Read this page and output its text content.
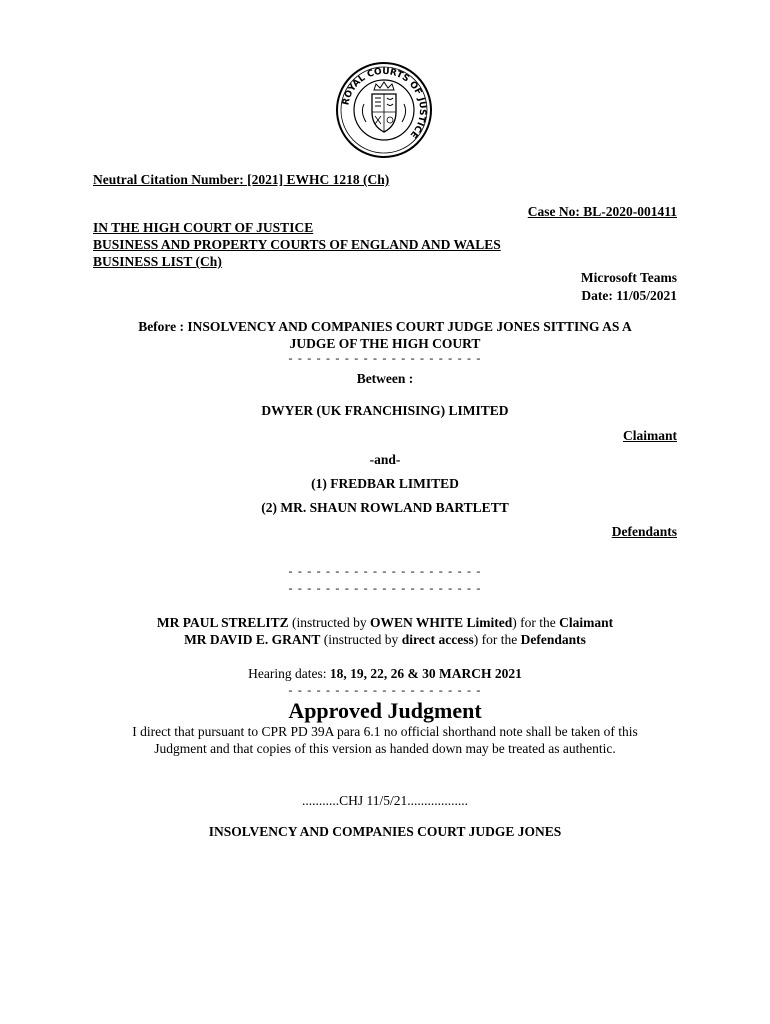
ROYAL COURTS OF JUSTICE
Neutral Citation Number: [2021] EWHC 1218 (Ch)
Case No: BL-2020-001411
IN THE HIGH COURT OF JUSTICE
BUSINESS AND PROPERTY COURTS OF ENGLAND AND WALES
BUSINESS LIST (Ch)
Microsoft Teams
Date: 11/05/2021
Before : INSOLVENCY AND COMPANIES COURT JUDGE JONES SITTING AS A
JUDGE OF THE HIGH COURT
- - - - - - - - - - - - - - - - - - - - -
Between :
DWYER (UK FRANCHISING) LIMITED
Claimant
-and-
(1) FREDBAR LIMITED
(2) MR. SHAUN ROWLAND BARTLETT
Defendants
- - - - - - - - - - - - - - - - - - - - -
- - - - - - - - - - - - - - - - - - - - -
MR PAUL STRELITZ (instructed by OWEN WHITE Limited) for the Claimant
MR DAVID E. GRANT (instructed by direct access) for the Defendants
Hearing dates: 18, 19, 22, 26 & 30 MARCH 2021
- - - - - - - - - - - - - - - - - - - - -
Approved Judgment
I direct that pursuant to CPR PD 39A para 6.1 no official shorthand note shall be taken of this
Judgment and that copies of this version as handed down may be treated as authentic.
...........CHJ 11/5/21..................
INSOLVENCY AND COMPANIES COURT JUDGE JONES
